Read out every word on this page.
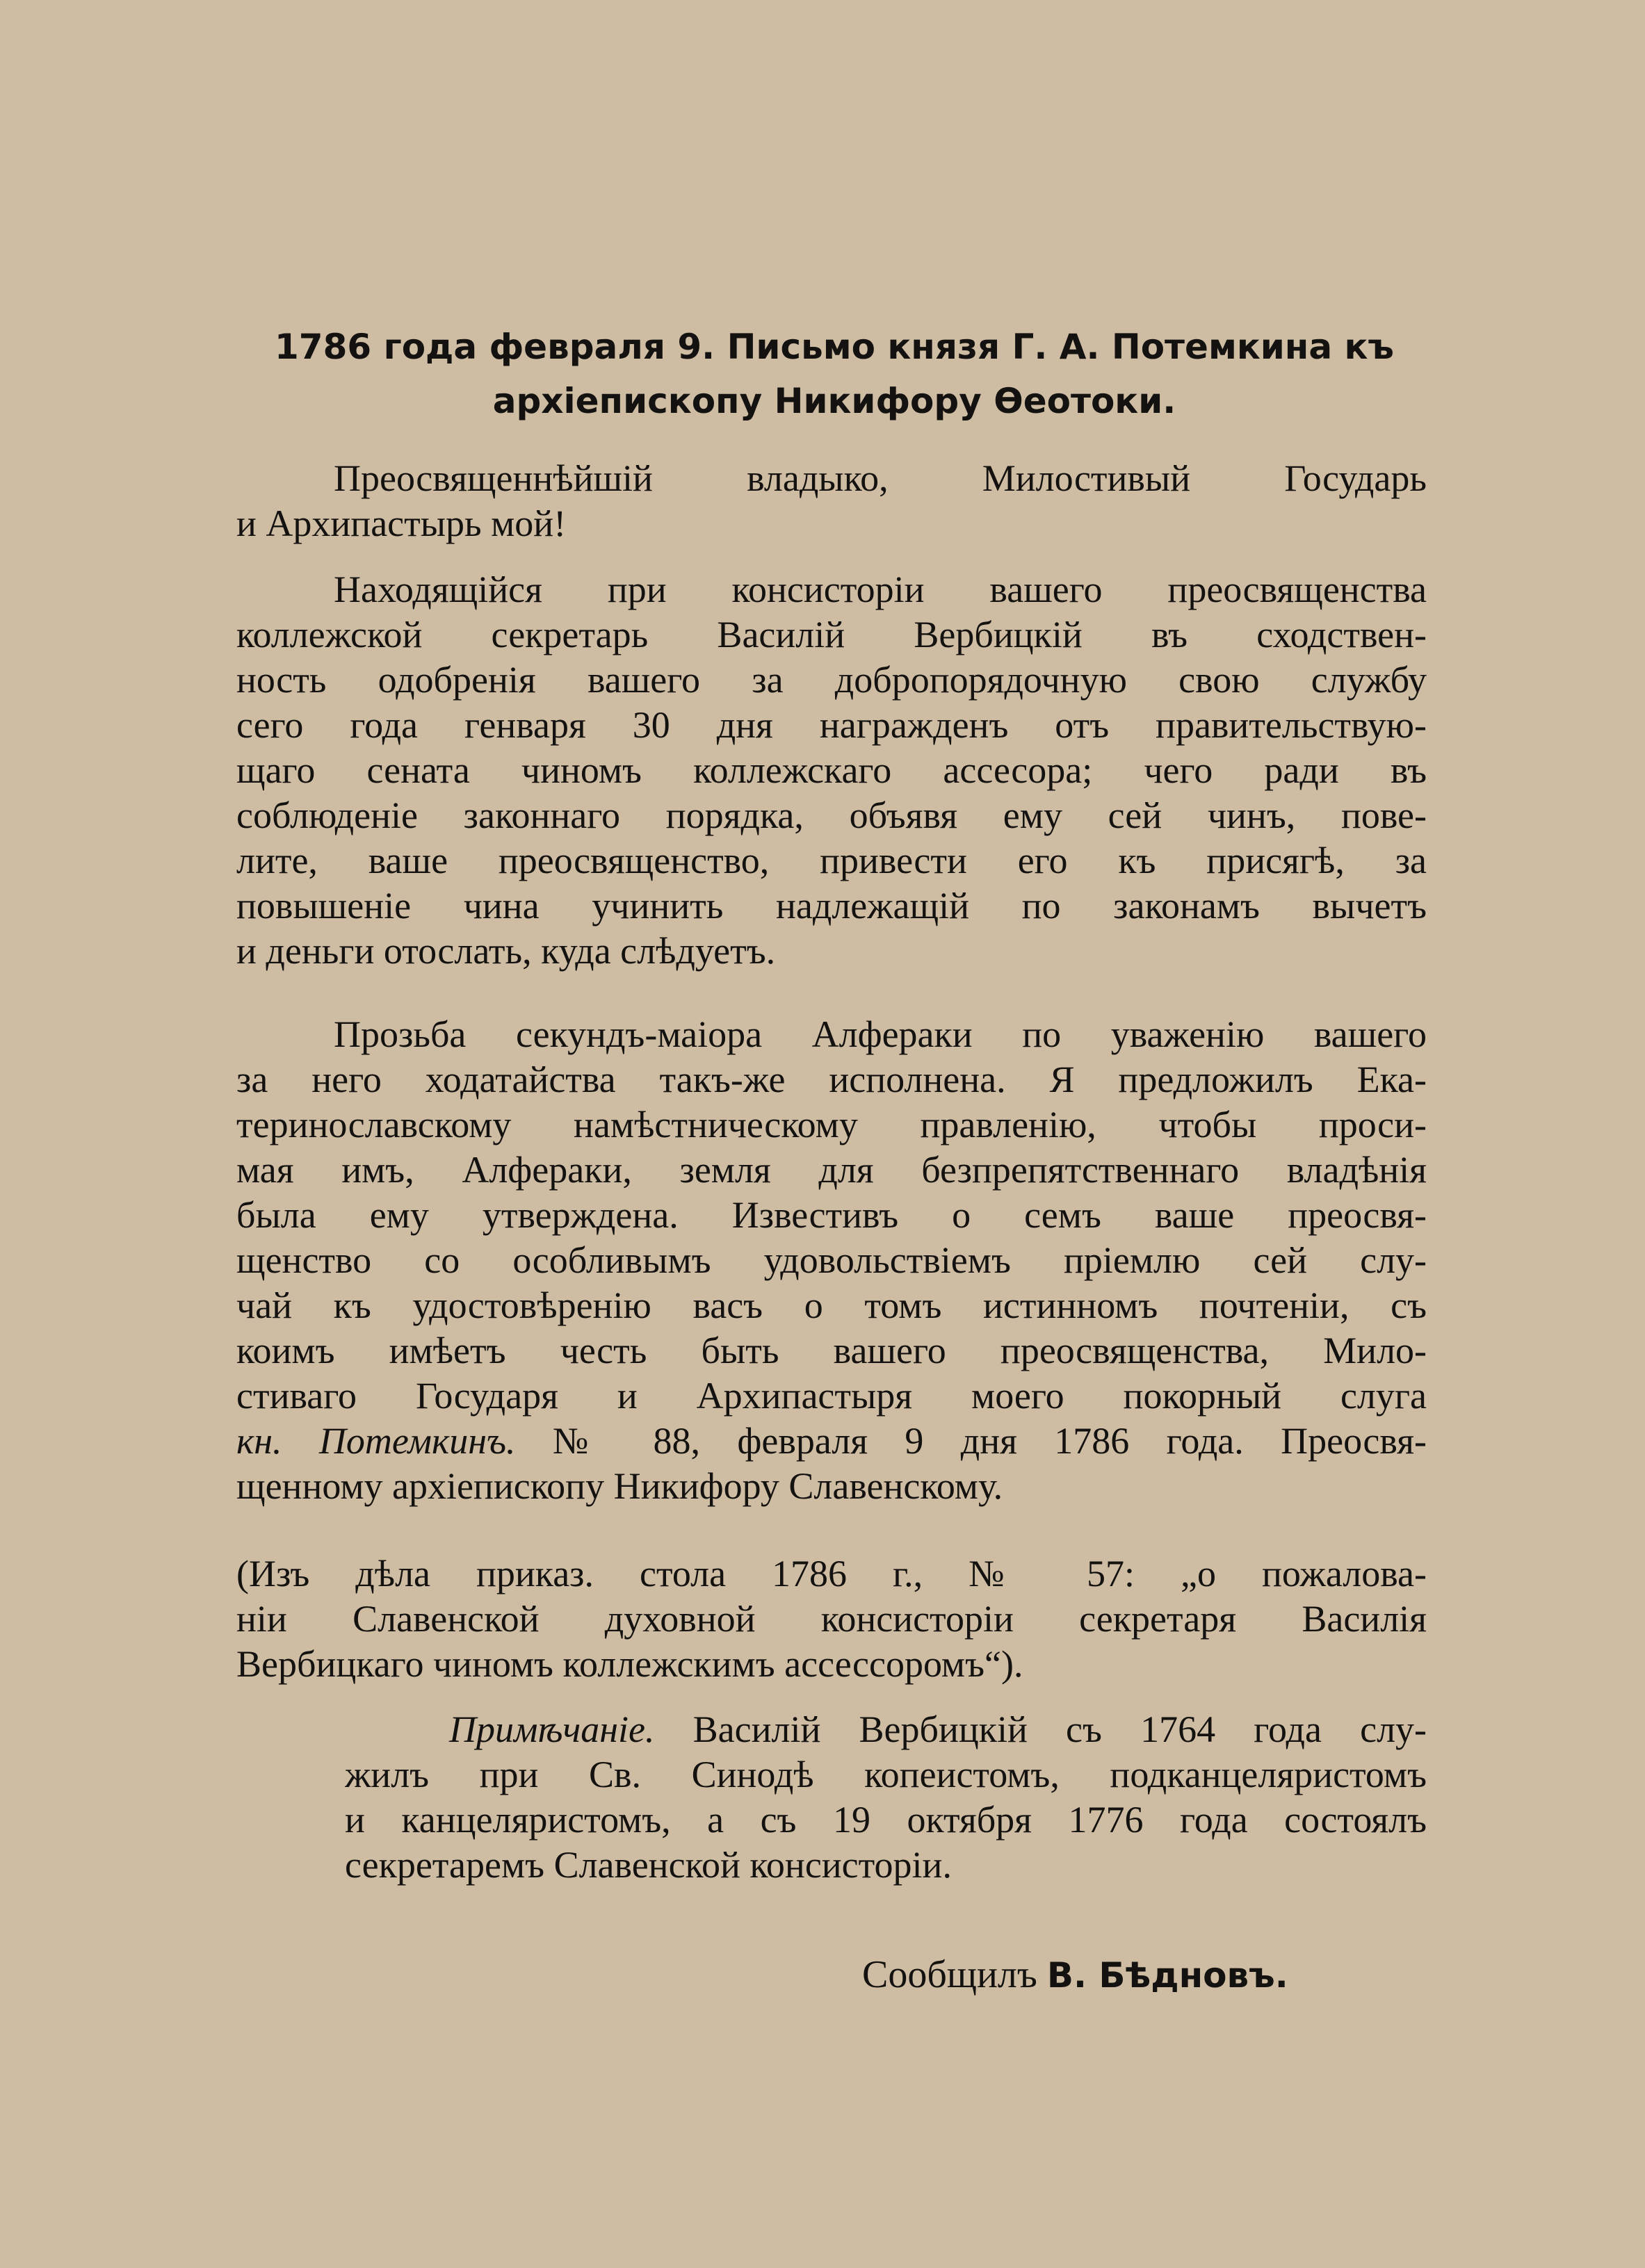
1786 года февраля 9. Письмо князя Г. А. Потемкина къ
архіепископу Никифору Ѳеотоки.

Преосвященнѣйшій владыко, Милостивый Государь
и Архипастырь мой!

Находящійся при консисторіи вашего преосвященства
коллежской секретарь Василій Вербицкій въ сходствен-
ность одобренія вашего за добропорядочную свою службу
сего года генваря 30 дня награжденъ отъ правительствую-
щаго сената чиномъ коллежскаго ассесора; чего ради въ
соблюденіе законнаго порядка, объявя ему сей чинъ, пове-
лите, ваше преосвященство, привести его къ присягѣ, за
повышеніе чина учинить надлежащій по законамъ вычетъ
и деньги отослать, куда слѣдуетъ.

Прозьба секундъ-маіора Алфераки по уваженію вашего
за него ходатайства такъ-же исполнена. Я предложилъ Ека-
теринославскому намѣстническому правленію, чтобы проси-
мая имъ, Алфераки, земля для безпрепятственнаго владѣнія
была ему утверждена. Известивъ о семъ ваше преосвя-
щенство со особливымъ удовольствіемъ пріемлю сей слу-
чай къ удостовѣренію васъ о томъ истинномъ почтеніи, съ
коимъ имѣетъ честь быть вашего преосвященства, Мило-
стиваго Государя и Архипастыря моего покорный слуга
кн. Потемкинъ. № 88, февраля 9 дня 1786 года. Преосвя-
щенному архіепископу Никифору Славенскому.

(Изъ дѣла приказ. стола 1786 г., № 57: „о пожалова-
ніи Славенской духовной консисторіи секретаря Василія
Вербицкаго чиномъ коллежскимъ ассессоромъ“).

Примѣчаніе. Василій Вербицкій съ 1764 года слу-
жилъ при Св. Синодѣ копеистомъ, подканцеляристомъ
и канцеляристомъ, а съ 19 октября 1776 года состоялъ
секретаремъ Славенской консисторіи.

Сообщилъ В. Бѣдновъ.
